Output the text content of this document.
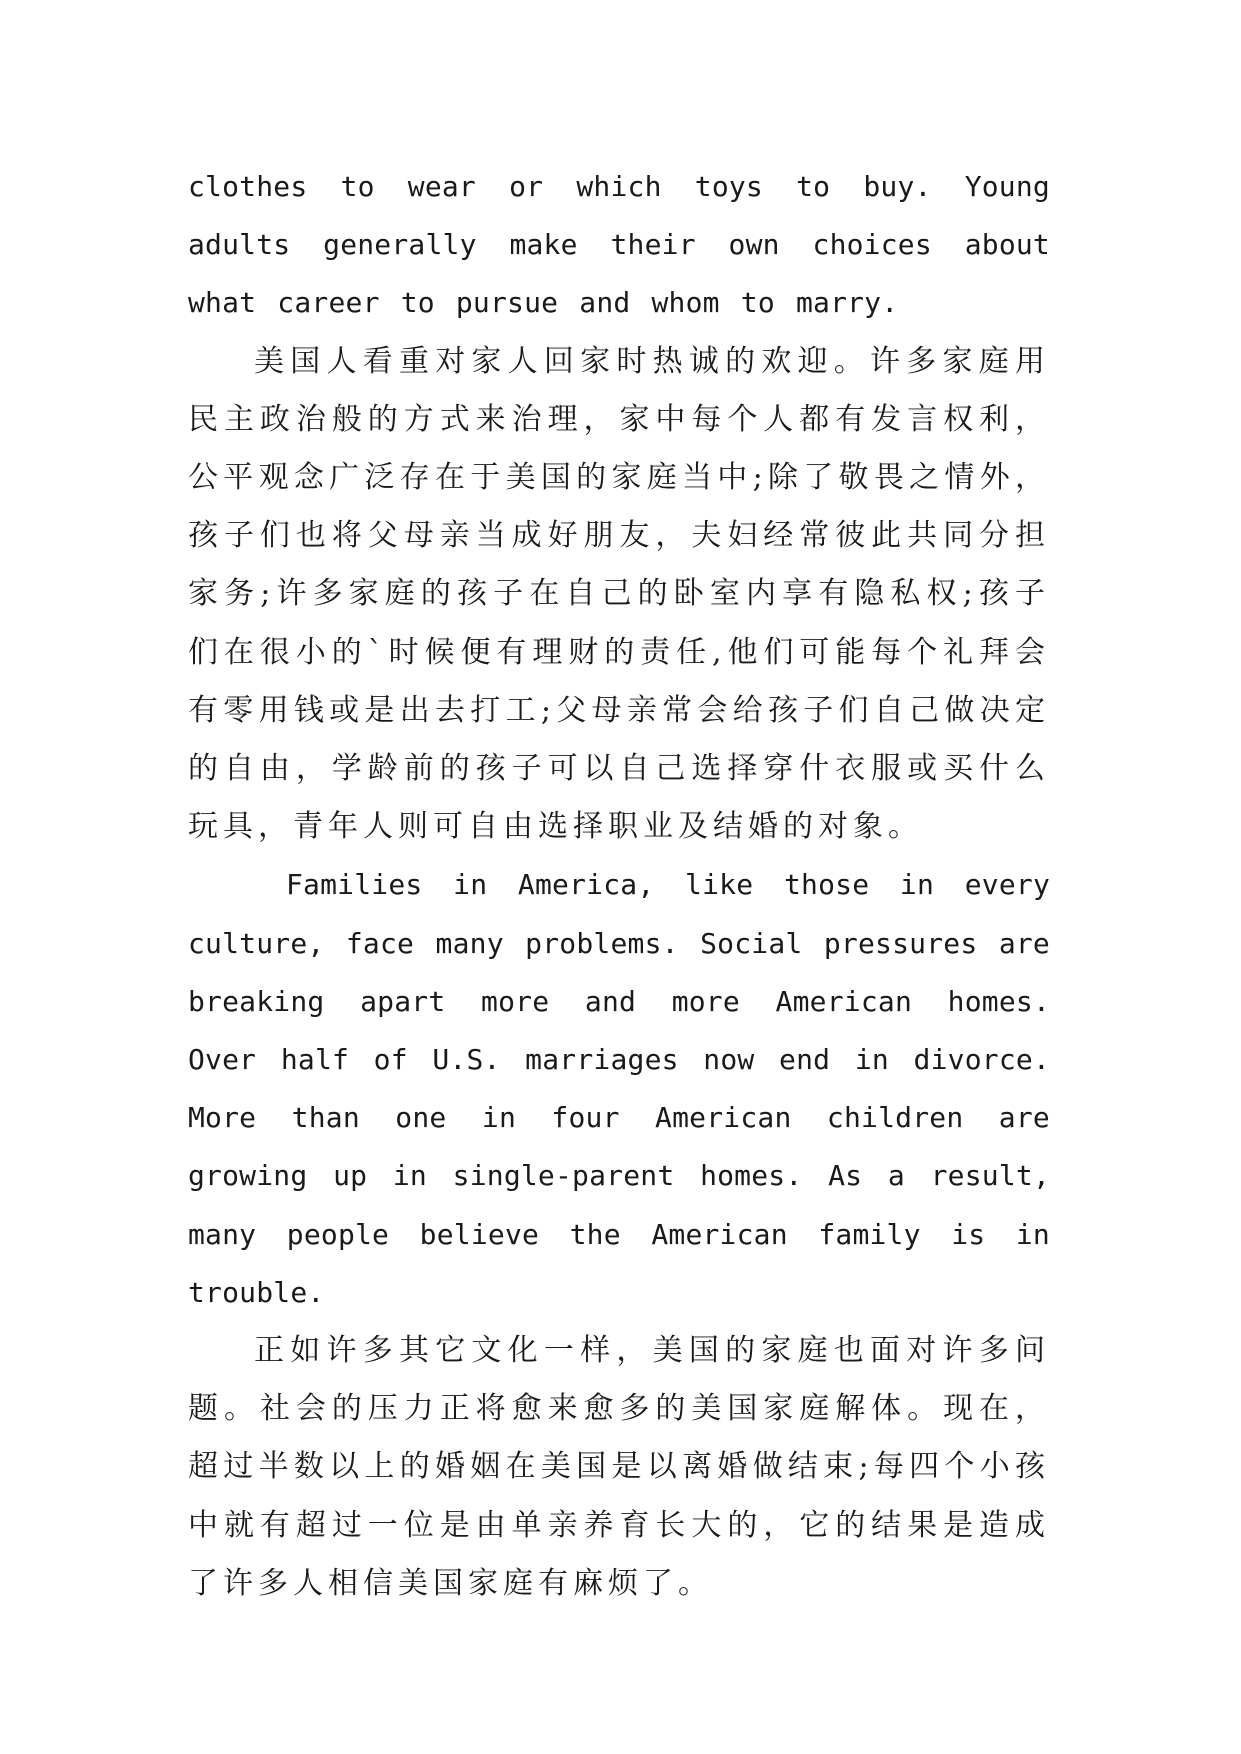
clothes to wear or which toys to buy. Young adults generally make their own choices about what career to pursue and whom to marry.

美国人看重对家人回家时热诚的欢迎。许多家庭用民主政治般的方式来治理，家中每个人都有发言权利，公平观念广泛存在于美国的家庭当中;除了敬畏之情外，孩子们也将父母亲当成好朋友，夫妇经常彼此共同分担家务;许多家庭的孩子在自己的卧室内享有隐私权;孩子们在很小的`时候便有理财的责任,他们可能每个礼拜会有零用钱或是出去打工;父母亲常会给孩子们自己做决定的自由，学龄前的孩子可以自己选择穿什衣服或买什么玩具，青年人则可自由选择职业及结婚的对象。

Families in America, like those in every culture, face many problems. Social pressures are breaking apart more and more American homes. Over half of U.S. marriages now end in divorce. More than one in four American children are growing up in single-parent homes. As a result, many people believe the American family is in trouble.

正如许多其它文化一样，美国的家庭也面对许多问题。社会的压力正将愈来愈多的美国家庭解体。现在，超过半数以上的婚姻在美国是以离婚做结束;每四个小孩中就有超过一位是由单亲养育长大的，它的结果是造成了许多人相信美国家庭有麻烦了。
